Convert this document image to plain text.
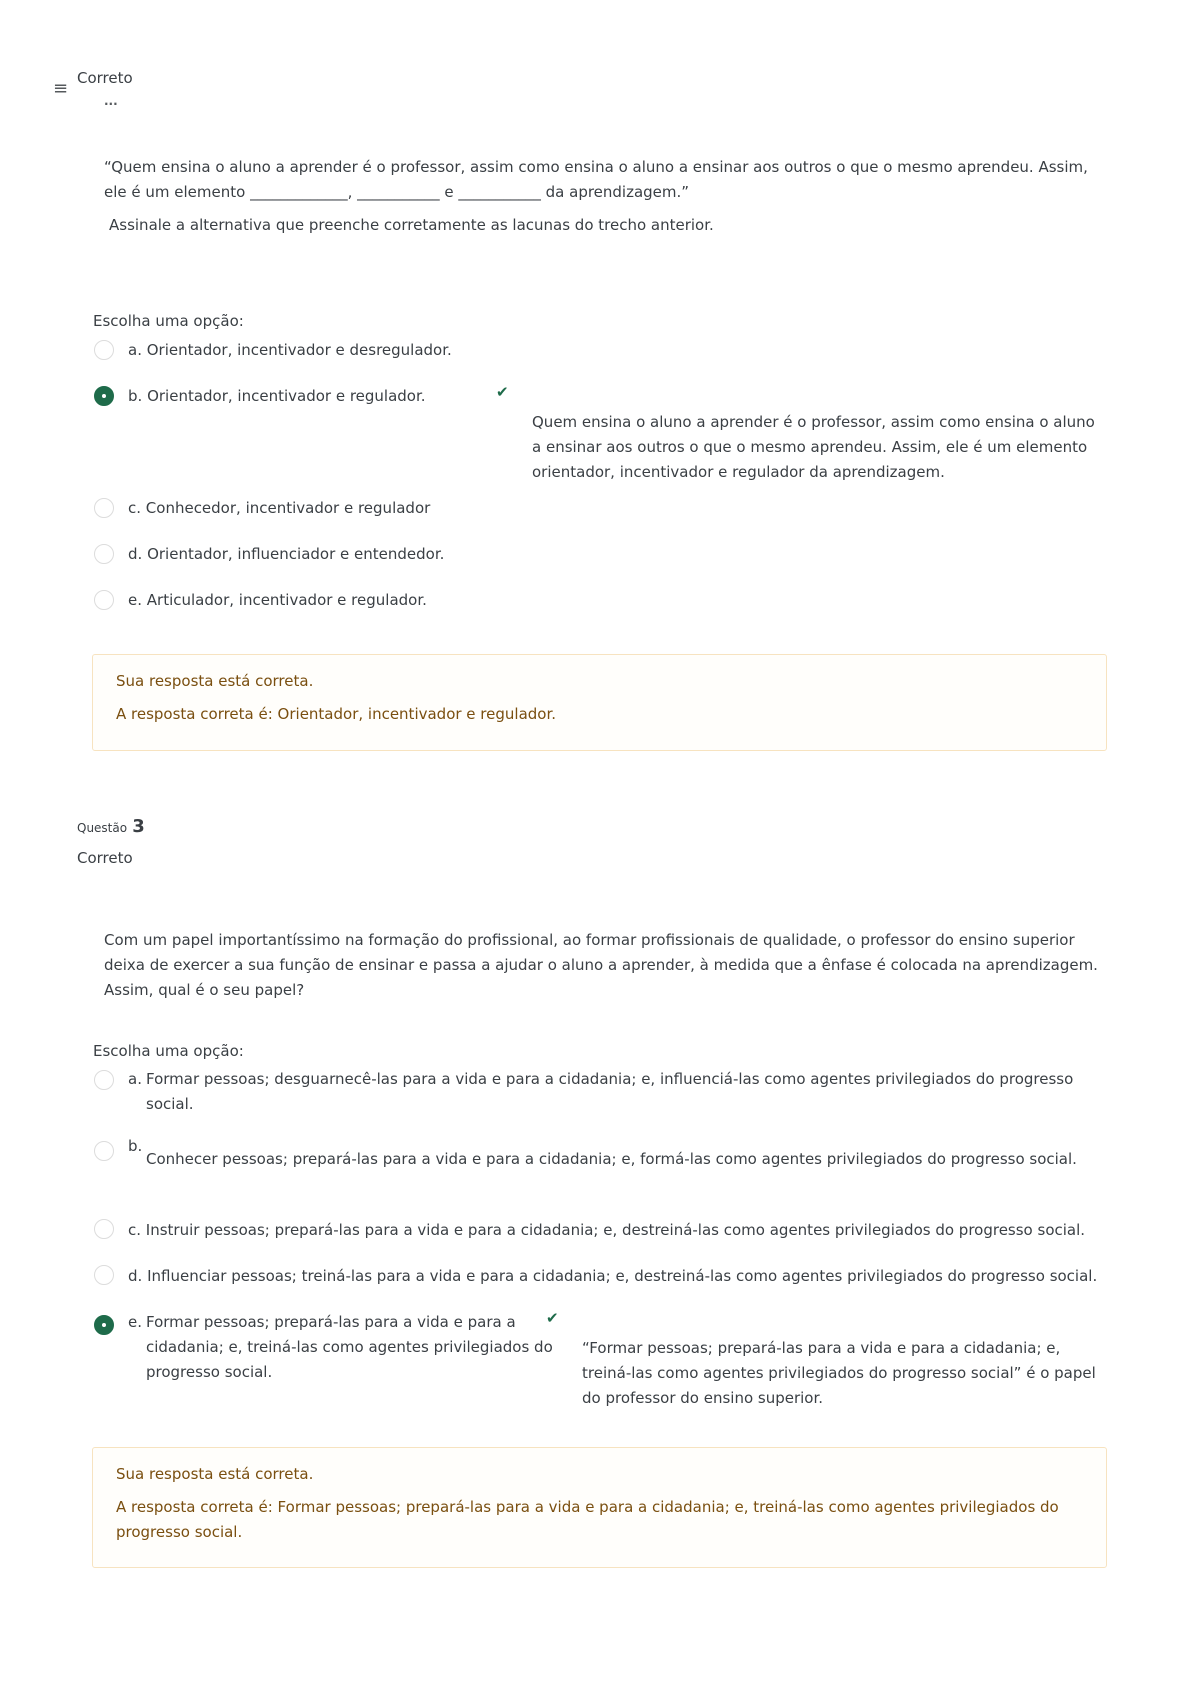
≡ Correto
...
“Quem ensina o aluno a aprender é o professor, assim como ensina o aluno a ensinar aos outros o que o mesmo aprendeu. Assim,
ele é um elemento _____________, ___________ e ___________ da aprendizagem.”
Assinale a alternativa que preenche corretamente as lacunas do trecho anterior.
Escolha uma opção:
a. Orientador, incentivador e desregulador.
b. Orientador, incentivador e regulador.	✔
Quem ensina o aluno a aprender é o professor, assim como ensina o aluno
a ensinar aos outros o que o mesmo aprendeu. Assim, ele é um elemento
orientador, incentivador e regulador da aprendizagem.
c. Conhecedor, incentivador e regulador
d. Orientador, influenciador e entendedor.
e. Articulador, incentivador e regulador.
Sua resposta está correta.
A resposta correta é: Orientador, incentivador e regulador.
Questão 3
Correto
Com um papel importantíssimo na formação do profissional, ao formar profissionais de qualidade, o professor do ensino superior
deixa de exercer a sua função de ensinar e passa a ajudar o aluno a aprender, à medida que a ênfase é colocada na aprendizagem.
Assim, qual é o seu papel?
Escolha uma opção:
a. Formar pessoas; desguarnecê-las para a vida e para a cidadania; e, influenciá-las como agentes privilegiados do progresso
social.
b.
Conhecer pessoas; prepará-las para a vida e para a cidadania; e, formá-las como agentes privilegiados do progresso social.
c. Instruir pessoas; prepará-las para a vida e para a cidadania; e, destreiná-las como agentes privilegiados do progresso social.
d. Influenciar pessoas; treiná-las para a vida e para a cidadania; e, destreiná-las como agentes privilegiados do progresso social.
e. Formar pessoas; prepará-las para a vida e para a
cidadania; e, treiná-las como agentes privilegiados do
progresso social.
✔
“Formar pessoas; prepará-las para a vida e para a cidadania; e,
treiná-las como agentes privilegiados do progresso social” é o papel
do professor do ensino superior.
Sua resposta está correta.
A resposta correta é: Formar pessoas; prepará-las para a vida e para a cidadania; e, treiná-las como agentes privilegiados do
progresso social.
